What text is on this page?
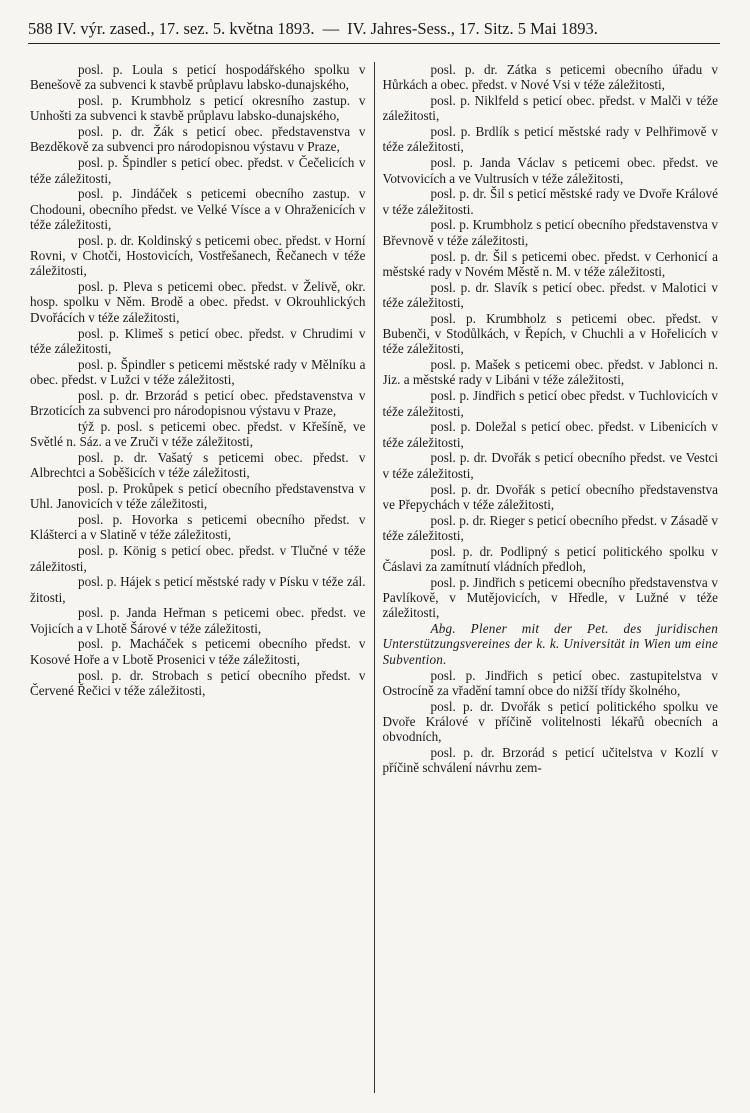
588 IV. výr. zased., 17. sez. 5. května 1893. — IV. Jahres-Sess., 17. Sitz. 5 Mai 1893.

posl. p. Loula s peticí hospodářského spolku v Benešově za subvenci k stavbě průplavu labsko-dunajského,

posl. p. Krumbholz s peticí okresního zastup. v Unhošti za subvenci k stavbě průplavu labsko-dunajského,

posl. p. dr. Žák s peticí obec. představenstva v Bezděkově za subvenci pro národopisnou výstavu v Praze,

posl. p. Špindler s peticí obec. předst. v Čečelicích v téže záležitosti,

posl. p. Jindáček s peticemi obecního zastup. v Chodouni, obecního předst. ve Velké Vísce a v Ohraženicích v téže záležitosti,

posl. p. dr. Koldinský s peticemi obec. předst. v Horní Rovni, v Chotči, Hostovicích, Vostřešanech, Řečanech v téže záležitosti,

posl. p. Pleva s peticemi obec. předst. v Želivě, okr. hosp. spolku v Něm. Brodě a obec. předst. v Okrouhlických Dvořácích v téže záležitosti,

posl. p. Klimeš s peticí obec. předst. v Chrudimi v téže záležitosti,

posl. p. Špindler s peticemi městské rady v Mělníku a obec. předst. v Lužci v téže záležitosti,

posl. p. dr. Brzorád s peticí obec. představenstva v Brzoticích za subvenci pro národopisnou výstavu v Praze,

týž p. posl. s peticemi obec. předst. v Křešíně, ve Světlé n. Sáz. a ve Zruči v téže záležitosti,

posl. p. dr. Vašatý s peticemi obec. předst. v Albrechtci a Soběšicích v téže záležitosti,

posl. p. Prokůpek s peticí obecního představenstva v Uhl. Janovicích v téže záležitosti,

posl. p. Hovorka s peticemi obecního předst. v Klášterci a v Slatině v téže záležitosti,

posl. p. König s peticí obec. předst. v Tlučné v téže záležitosti,

posl. p. Hájek s peticí městské rady v Písku v téže zál. žitosti,

posl. p. Janda Heřman s peticemi obec. předst. ve Vojicích a v Lhotě Šárové v téže záležitosti,

posl. p. Macháček s peticemi obecního předst. v Kosové Hoře a v Lbotě Prosenici v téže záležitosti,

posl. p. dr. Strobach s peticí obecního předst. v Červené Řečici v téže záležitosti,

posl. p. dr. Zátka s peticemi obecního úřadu v Hůrkách a obec. předst. v Nové Vsi v téže záležitosti,

posl. p. Niklfeld s peticí obec. předst. v Malči v téže záležitosti,

posl. p. Brdlík s peticí městské rady v Pelhřimově v téže záležitosti,

posl. p. Janda Václav s peticemi obec. předst. ve Votvovicích a ve Vultrusích v téže záležitosti,

posl. p. dr. Šil s peticí městské rady ve Dvoře Králové v téže záležitosti.

posl. p. Krumbholz s peticí obecního představenstva v Břevnově v téže záležitosti,

posl. p. dr. Šil s peticemi obec. předst. v Cerhonicí a městské rady v Novém Městě n. M. v téže záležitosti,

posl. p. dr. Slavík s peticí obec. předst. v Malotici v téže záležitosti,

posl. p. Krumbholz s peticemi obec. předst. v Bubenči, v Stodůlkách, v Řepích, v Chuchli a v Hořelicích v téže záležitosti,

posl. p. Mašek s peticemi obec. předst. v Jablonci n. Jiz. a městské rady v Libáni v téže záležitosti,

posl. p. Jindřich s peticí obec předst. v Tuchlovicích v téže záležitosti,

posl. p. Doležal s peticí obec. předst. v Libenicích v téže záležitosti,

posl. p. dr. Dvořák s peticí obecního předst. ve Vestci v téže záležitosti,

posl. p. dr. Dvořák s peticí obecního představenstva ve Přepychách v téže záležitosti,

posl. p. dr. Rieger s peticí obecního předst. v Zásadě v téže záležitosti,

posl. p. dr. Podlipný s peticí politického spolku v Čáslavi za zamítnutí vládních předloh,

posl. p. Jindřich s peticemi obecního představenstva v Pavlíkově, v Mutějovicích, v Hředle, v Lužné v téže záležitosti,

Abg. Plener mit der Pet. des juridischen Unterstützungsvereines der k. k. Universität in Wien um eine Subvention.

posl. p. Jindřich s peticí obec. zastupitelstva v Ostrocíně za vřadění tamní obce do nižší třídy školného,

posl. p. dr. Dvořák s peticí politického spolku ve Dvoře Králové v příčině volitelnosti lékařů obecních a obvodních,

posl. p. dr. Brzorád s peticí učitelstva v Kozlí v příčině schválení návrhu zem-
